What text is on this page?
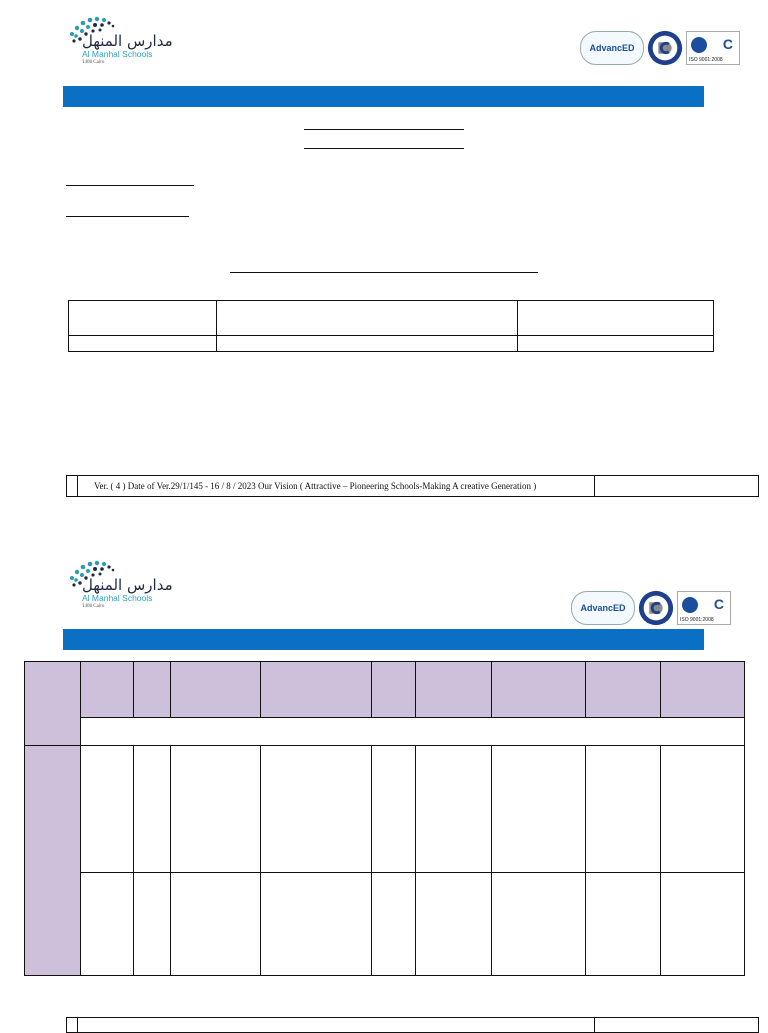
مدارس المنهل
Al Manhal Schools
1408 Cairo
AdvancED	C
ISO 9001:2008

Ver. ( 4 ) Date of Ver.29/1/145 - 16 / 8 / 2023 Our Vision ( Attractive – Pioneering Schools-Making A creative Generation )
مدارس المنهل
Al Manhal Schools
1408 Cairo	AdvancED	C
ISO 9001:2008
